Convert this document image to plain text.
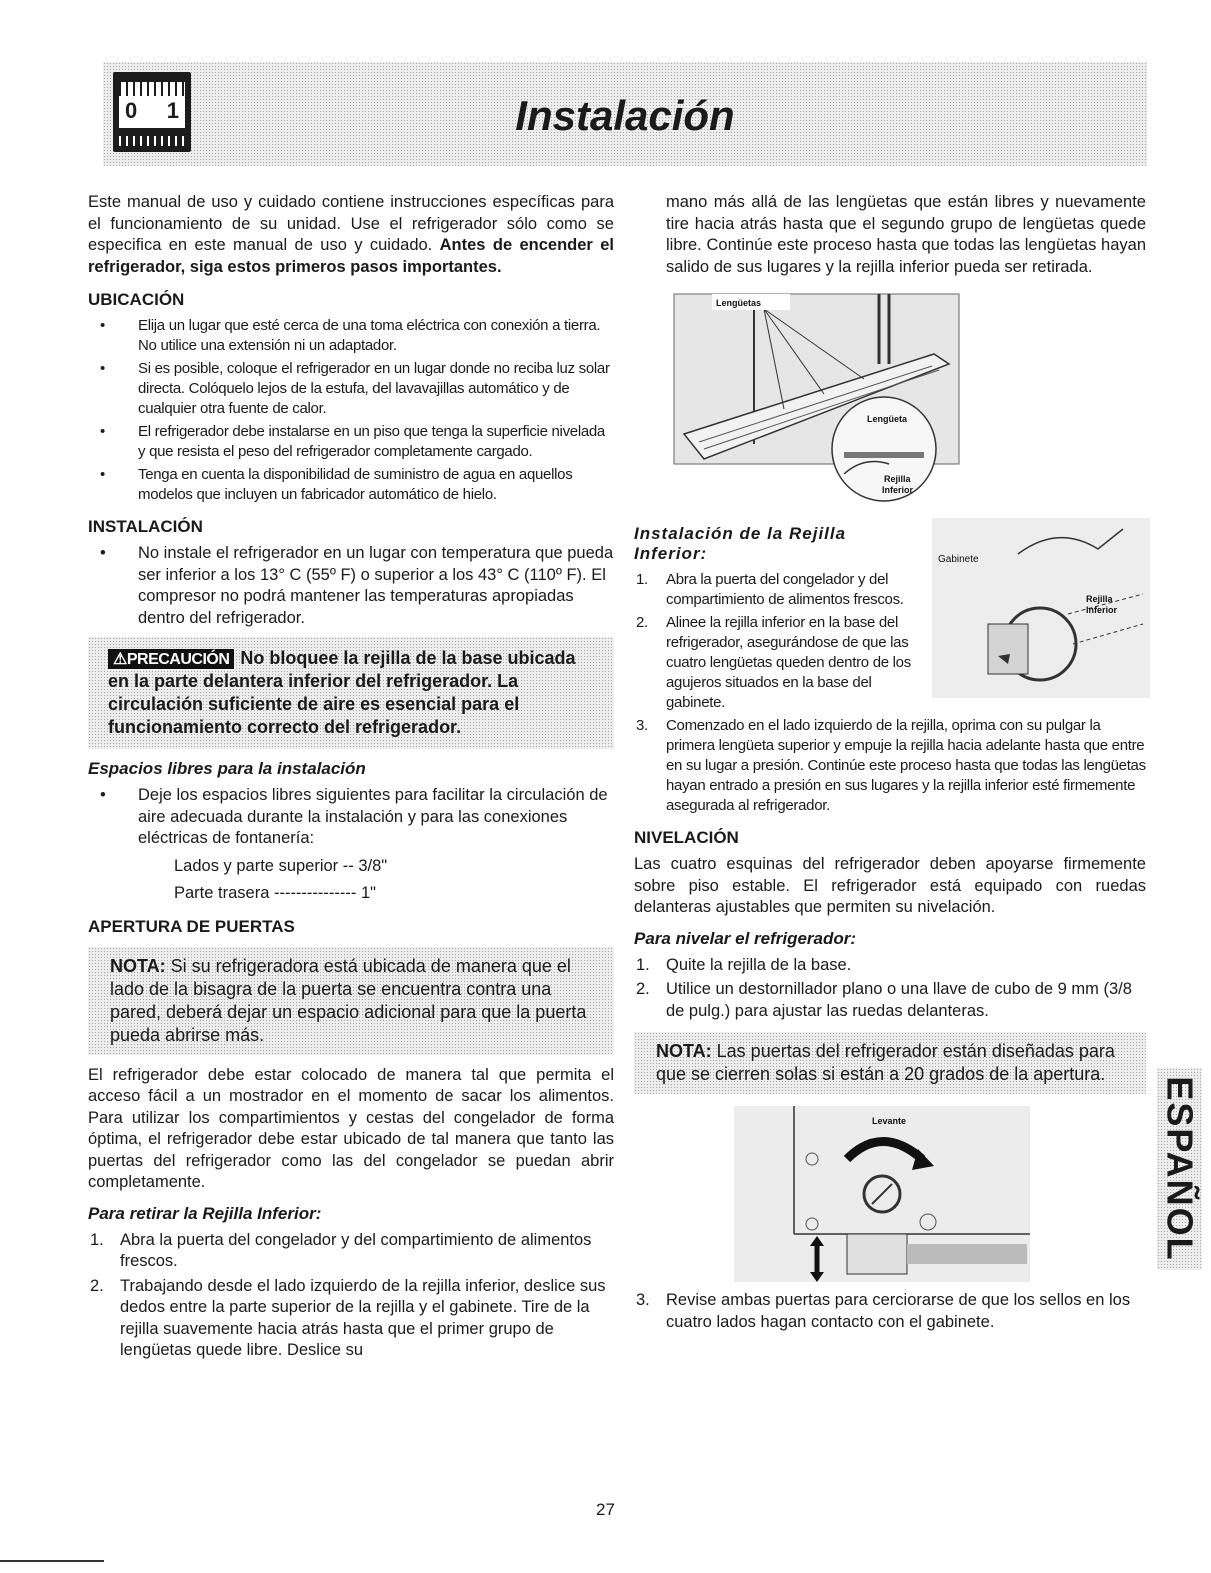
0 1	Instalación

Este manual de uso y cuidado contiene instrucciones específicas para el funcionamiento de su unidad. Use el refrigerador sólo como se especifica en este manual de uso y cuidado. Antes de encender el refrigerador, siga estos primeros pasos importantes.

UBICACIÓN
• Elija un lugar que esté cerca de una toma eléctrica con conexión a tierra. No utilice una extensión ni un adaptador.
• Si es posible, coloque el refrigerador en un lugar donde no reciba luz solar directa. Colóquelo lejos de la estufa, del lavavajillas automático y de cualquier otra fuente de calor.
• El refrigerador debe instalarse en un piso que tenga la superficie nivelada y que resista el peso del refrigerador completamente cargado.
• Tenga en cuenta la disponibilidad de suministro de agua en aquellos modelos que incluyen un fabricador automático de hielo.
INSTALACIÓN
• No instale el refrigerador en un lugar con temperatura que pueda ser inferior a los 13° C (55º F) o superior a los 43° C (110º F). El compresor no podrá mantener las temperaturas apropiadas dentro del refrigerador.
⚠PRECAUCIÓN No bloquee la rejilla de la base ubicada en la parte delantera inferior del refrigerador. La circulación suficiente de aire es esencial para el funcionamiento correcto del refrigerador.
Espacios libres para la instalación
• Deje los espacios libres siguientes para facilitar la circulación de aire adecuada durante la instalación y para las conexiones eléctricas de fontanería:
Lados y parte superior -- 3/8"
Parte trasera --------------- 1"
APERTURA DE PUERTAS
NOTA: Si su refrigeradora está ubicada de manera que el lado de la bisagra de la puerta se encuentra contra una pared, deberá dejar un espacio adicional para que la puerta pueda abrirse más.

El refrigerador debe estar colocado de manera tal que permita el acceso fácil a un mostrador en el momento de sacar los alimentos. Para utilizar los compartimientos y cestas del congelador de forma óptima, el refrigerador debe estar ubicado de tal manera que tanto las puertas del refrigerador como las del congelador se puedan abrir completamente.

Para retirar la Rejilla Inferior:
1. Abra la puerta del congelador y del compartimiento de alimentos frescos.
2. Trabajando desde el lado izquierdo de la rejilla inferior, deslice sus dedos entre la parte superior de la rejilla y el gabinete. Tire de la rejilla suavemente hacia atrás hasta que el primer grupo de lengüetas quede libre. Deslice su

mano más allá de las lengüetas que están libres y nuevamente tire hacia atrás hasta que el segundo grupo de lengüetas quede libre. Continúe este proceso hasta que todas las lengüetas hayan salido de sus lugares y la rejilla inferior pueda ser retirada.

Lengüetas
Lengüeta
Rejilla
Inferior
Gabinete
Rejilla
Inferior
Instalación de la Rejilla Inferior:
1. Abra la puerta del congelador y del compartimiento de alimentos frescos.
2. Alinee la rejilla inferior en la base del refrigerador, asegurándose de que las cuatro lengüetas queden dentro de los agujeros situados en la base del gabinete.
3. Comenzado en el lado izquierdo de la rejilla, oprima con su pulgar la primera lengüeta superior y empuje la rejilla hacia adelante hasta que entre en su lugar a presión. Continúe este proceso hasta que todas las lengüetas hayan entrado a presión en sus lugares y la rejilla inferior esté firmemente asegurada al refrigerador.
NIVELACIÓN

Las cuatro esquinas del refrigerador deben apoyarse firmemente sobre piso estable. El refrigerador está equipado con ruedas delanteras ajustables que permiten su nivelación.

Para nivelar el refrigerador:
1. Quite la rejilla de la base.
2. Utilice un destornillador plano o una llave de cubo de 9 mm (3/8 de pulg.) para ajustar las ruedas delanteras.
NOTA: Las puertas del refrigerador están diseñadas para que se cierren solas si están a 20 grados de la apertura.
Levante
3. Revise ambas puertas para cerciorarse de que los sellos en los cuatro lados hagan contacto con el gabinete.
ESPAÑOL
27
